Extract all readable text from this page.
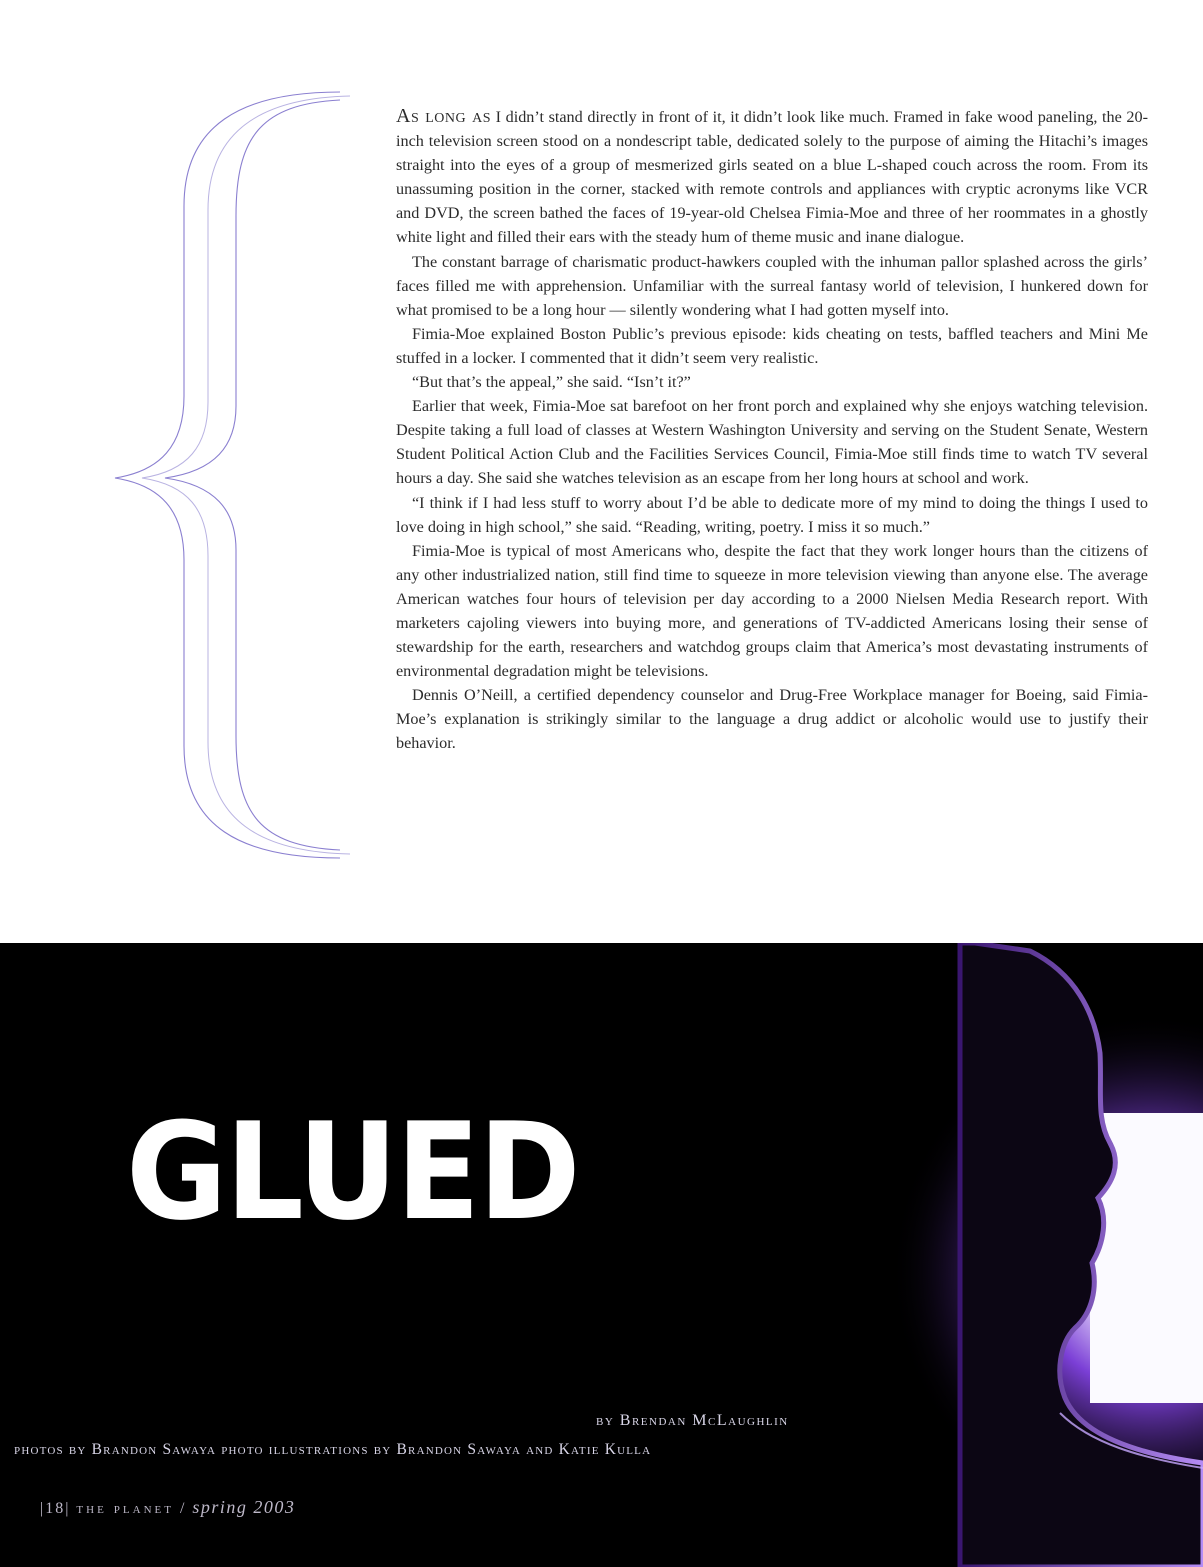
As long as I didn’t stand directly in front of it, it didn’t look like much. Framed in fake wood paneling, the 20-inch television screen stood on a nondescript table, dedicated solely to the purpose of aiming the Hitachi’s images straight into the eyes of a group of mesmerized girls seated on a blue L-shaped couch across the room. From its unassuming position in the corner, stacked with remote controls and appliances with cryptic acronyms like VCR and DVD, the screen bathed the faces of 19-year-old Chelsea Fimia-Moe and three of her roommates in a ghostly white light and filled their ears with the steady hum of theme music and inane dialogue.

The constant barrage of charismatic product-hawkers coupled with the inhuman pallor splashed across the girls’ faces filled me with apprehension. Unfamiliar with the surreal fantasy world of television, I hunkered down for what promised to be a long hour — silently wondering what I had gotten myself into.

Fimia-Moe explained Boston Public’s previous episode: kids cheating on tests, baffled teachers and Mini Me stuffed in a locker. I commented that it didn’t seem very realistic.

“But that’s the appeal,” she said. “Isn’t it?”

Earlier that week, Fimia-Moe sat barefoot on her front porch and explained why she enjoys watching television. Despite taking a full load of classes at Western Washington University and serving on the Student Senate, Western Student Political Action Club and the Facilities Services Council, Fimia-Moe still finds time to watch TV several hours a day. She said she watches television as an escape from her long hours at school and work.

“I think if I had less stuff to worry about I’d be able to dedicate more of my mind to doing the things I used to love doing in high school,” she said. “Reading, writing, poetry. I miss it so much.”

Fimia-Moe is typical of most Americans who, despite the fact that they work longer hours than the citizens of any other industrialized nation, still find time to squeeze in more television viewing than anyone else. The average American watches four hours of television per day according to a 2000 Nielsen Media Research report. With marketers cajoling viewers into buying more, and generations of TV-addicted Americans losing their sense of stewardship for the earth, researchers and watchdog groups claim that America’s most devastating instruments of environmental degradation might be televisions.

Dennis O’Neill, a certified dependency counselor and Drug-Free Workplace manager for Boeing, said Fimia-Moe’s explanation is strikingly similar to the language a drug addict or alcoholic would use to justify their behavior.

GLUED
by Brendan McLaughlin
photos by Brandon Sawaya photo illustrations by Brandon Sawaya and Katie Kulla
|18| the planet / spring 2003
